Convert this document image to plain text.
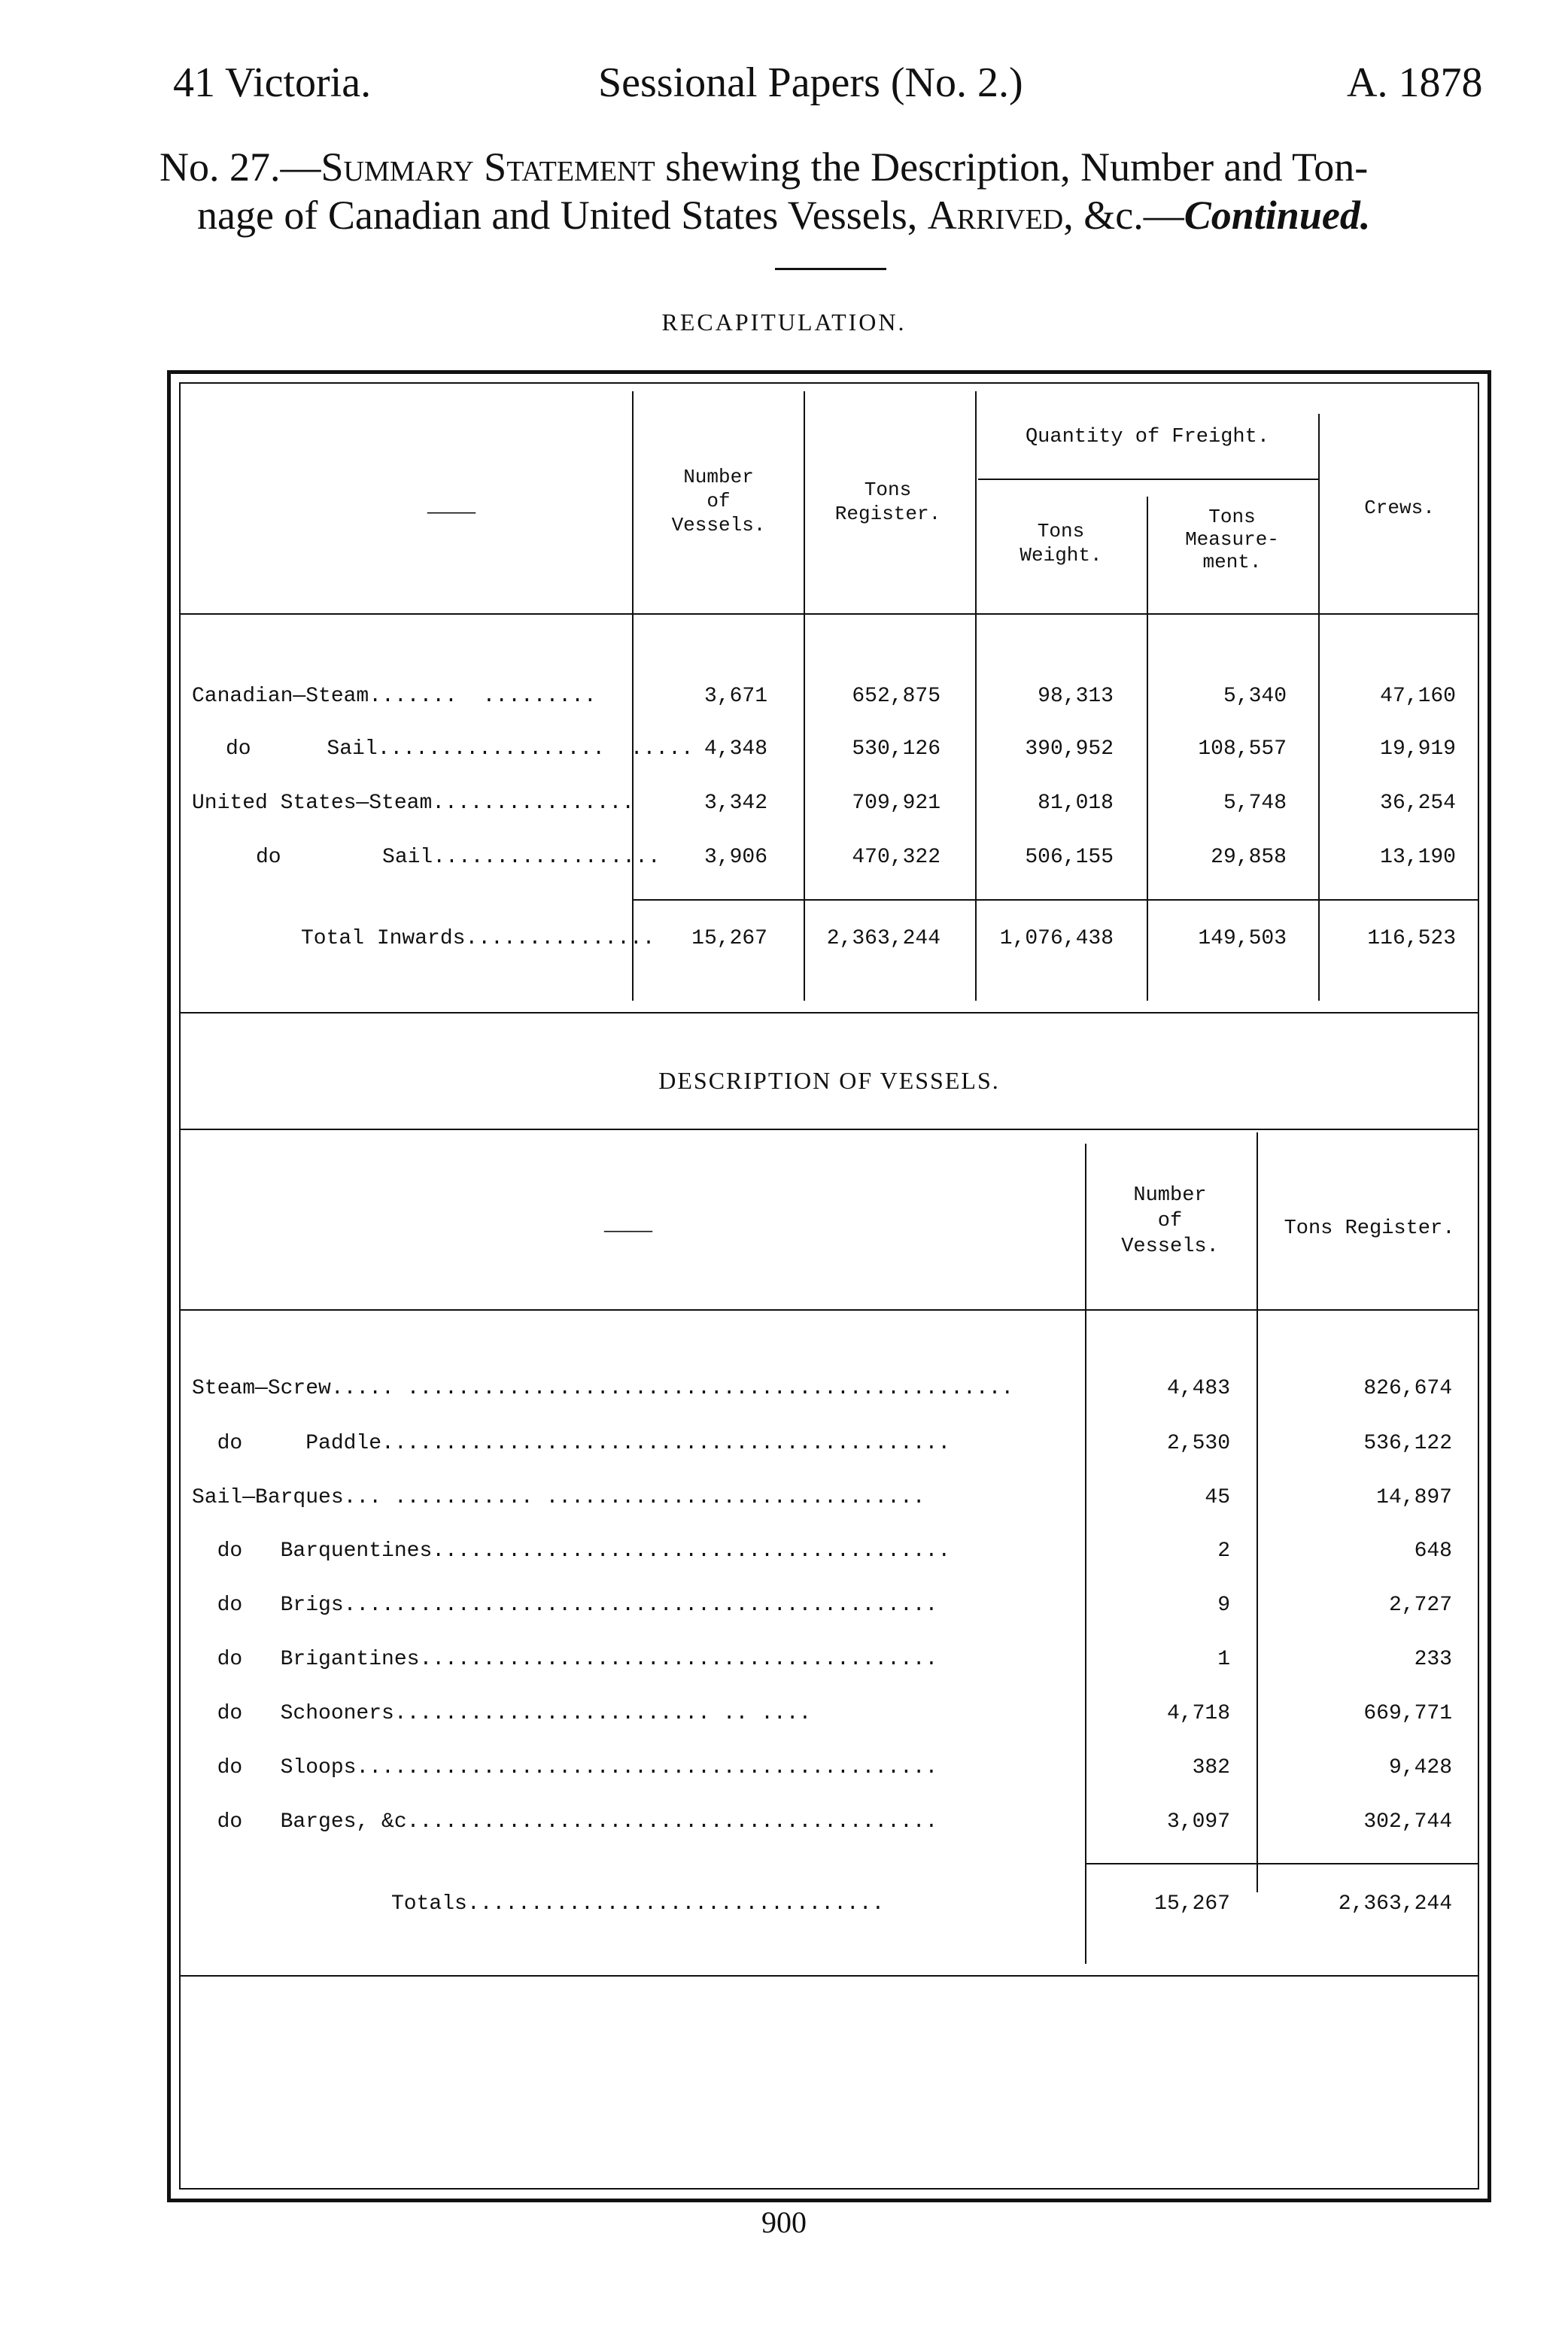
41 Victoria.	Sessional Papers (No. 2.)	A. 1878
No. 27.—Summary Statement shewing the Description, Number and Ton-
nage of Canadian and United States Vessels, Arrived, &c.—Continued.
RECAPITULATION.
——
Number
of
Vessels.
Tons
Register.
Quantity of Freight.
Tons
Weight.
Tons
Measure-
ment.
Crews.
Canadian—Steam.......  .........	3,671	652,875	98,313	5,340	47,160
do      Sail..................  ..... 4,348	530,126	390,952	108,557	19,919
United States—Steam................	3,342	709,921	81,018	5,748	36,254
do        Sail..................	3,906	470,322	506,155	29,858	13,190
Total Inwards...............	15,267	2,363,244	1,076,438	149,503	116,523
DESCRIPTION OF VESSELS.
——
Number
of
Vessels.
Tons Register.
Steam—Screw..... ................................................	4,483	826,674
do     Paddle.............................................	2,530	536,122
Sail—Barques... ........... ..............................	45	14,897
do   Barquentines.........................................	2	648
do   Brigs...............................................	9	2,727
do   Brigantines.........................................	1	233
do   Schooners......................... .. ....	4,718	669,771
do   Sloops..............................................	382	9,428
do   Barges, &c..........................................	3,097	302,744
Totals.................................	15,267	2,363,244
900
